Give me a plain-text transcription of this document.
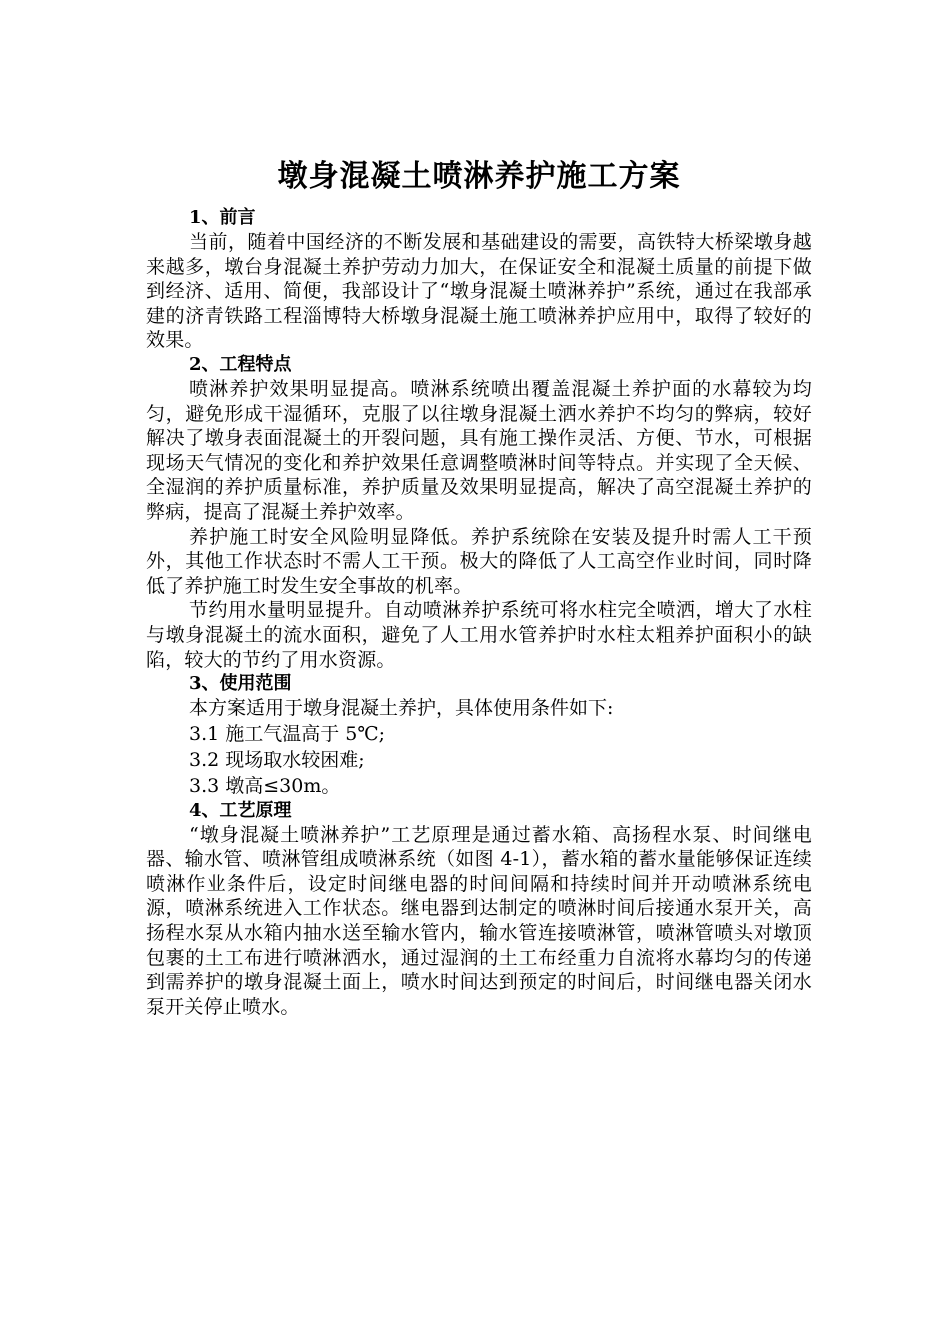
墩身混凝土喷淋养护施工方案
1、前言

当前，随着中国经济的不断发展和基础建设的需要，高铁特大桥梁墩身越来越多，墩台身混凝土养护劳动力加大，在保证安全和混凝土质量的前提下做到经济、适用、简便，我部设计了“墩身混凝土喷淋养护”系统，通过在我部承建的济青铁路工程淄博特大桥墩身混凝土施工喷淋养护应用中，取得了较好的效果。

2、工程特点

喷淋养护效果明显提高。喷淋系统喷出覆盖混凝土养护面的水幕较为均匀，避免形成干湿循环，克服了以往墩身混凝土洒水养护不均匀的弊病，较好解决了墩身表面混凝土的开裂问题，具有施工操作灵活、方便、节水，可根据现场天气情况的变化和养护效果任意调整喷淋时间等特点。并实现了全天候、全湿润的养护质量标准，养护质量及效果明显提高，解决了高空混凝土养护的弊病，提高了混凝土养护效率。

养护施工时安全风险明显降低。养护系统除在安装及提升时需人工干预外，其他工作状态时不需人工干预。极大的降低了人工高空作业时间，同时降低了养护施工时发生安全事故的机率。

节约用水量明显提升。自动喷淋养护系统可将水柱完全喷洒，增大了水柱与墩身混凝土的流水面积，避免了人工用水管养护时水柱太粗养护面积小的缺陷，较大的节约了用水资源。

3、使用范围

本方案适用于墩身混凝土养护，具体使用条件如下:

3.1 施工气温高于 5℃;

3.2 现场取水较困难;

3.3 墩高≤30m。

4、工艺原理

“墩身混凝土喷淋养护”工艺原理是通过蓄水箱、高扬程水泵、时间继电器、输水管、喷淋管组成喷淋系统（如图 4-1），蓄水箱的蓄水量能够保证连续喷淋作业条件后，设定时间继电器的时间间隔和持续时间并开动喷淋系统电源，喷淋系统进入工作状态。继电器到达制定的喷淋时间后接通水泵开关，高扬程水泵从水箱内抽水送至输水管内，输水管连接喷淋管，喷淋管喷头对墩顶包裹的土工布进行喷淋洒水，通过湿润的土工布经重力自流将水幕均匀的传递到需养护的墩身混凝土面上，喷水时间达到预定的时间后，时间继电器关闭水泵开关停止喷水。
